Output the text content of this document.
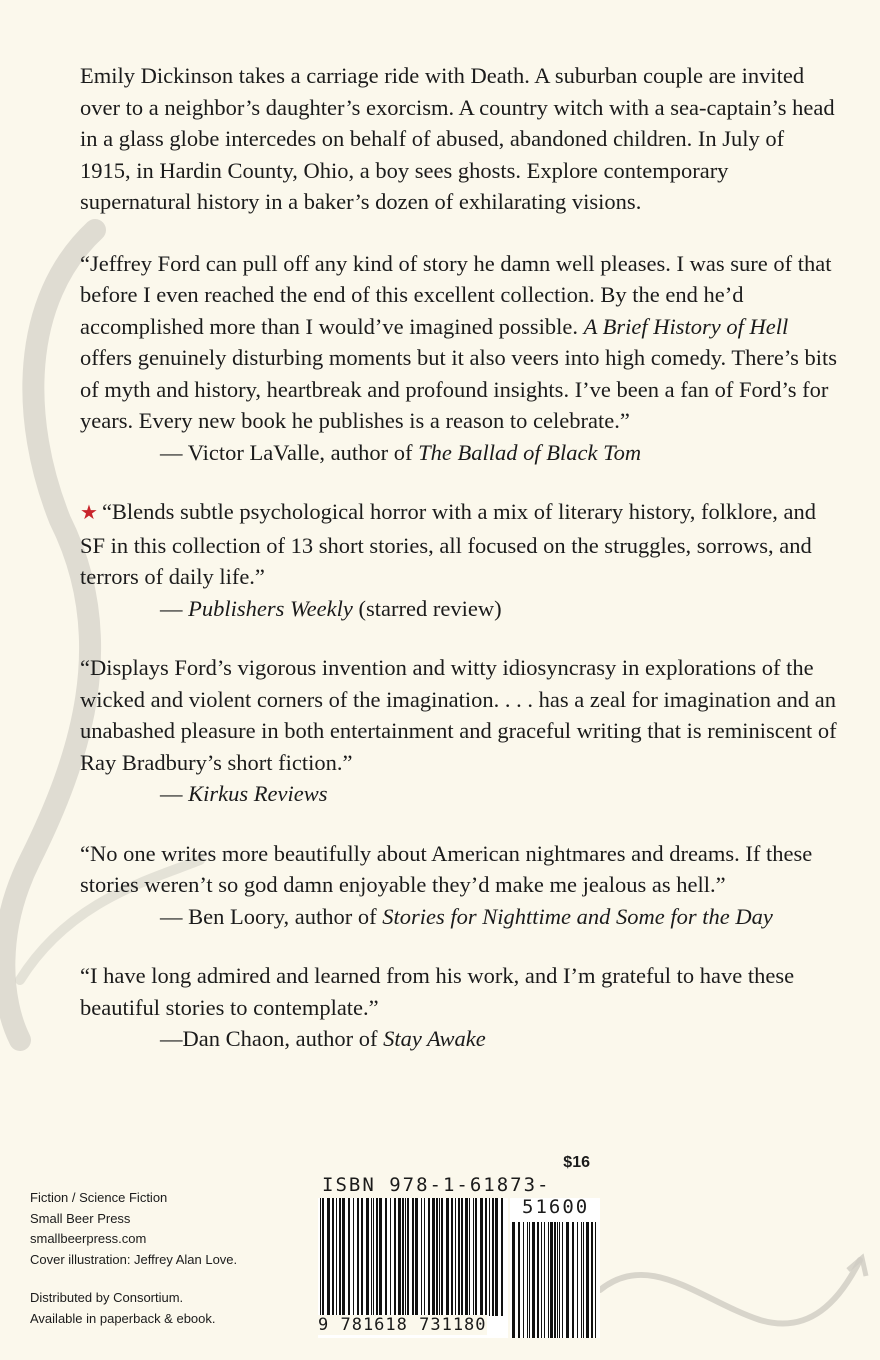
Emily Dickinson takes a carriage ride with Death. A suburban couple are invited over to a neighbor’s daughter’s exorcism. A country witch with a sea-captain’s head in a glass globe intercedes on behalf of abused, abandoned children. In July of 1915, in Hardin County, Ohio, a boy sees ghosts. Explore contemporary supernatural history in a baker’s dozen of exhilarating visions.

“Jeffrey Ford can pull off any kind of story he damn well pleases. I was sure of that before I even reached the end of this excellent collection. By the end he’d accomplished more than I would’ve imagined possible. A Brief History of Hell offers genuinely disturbing moments but it also veers into high comedy. There’s bits of myth and history, heartbreak and profound insights. I’ve been a fan of Ford’s for years. Every new book he publishes is a reason to celebrate.”

— Victor LaValle, author of The Ballad of Black Tom

★ “Blends subtle psychological horror with a mix of literary history, folklore, and SF in this collection of 13 short stories, all focused on the struggles, sorrows, and terrors of daily life.”

— Publishers Weekly (starred review)

“Displays Ford’s vigorous invention and witty idiosyncrasy in explorations of the wicked and violent corners of the imagination. . . . has a zeal for imagination and an unabashed pleasure in both entertainment and graceful writing that is reminiscent of Ray Bradbury’s short fiction.”

— Kirkus Reviews

“No one writes more beautifully about American nightmares and dreams. If these stories weren’t so god damn enjoyable they’d make me jealous as hell.”

— Ben Loory, author of Stories for Nighttime and Some for the Day

“I have long admired and learned from his work, and I’m grateful to have these beautiful stories to contemplate.”

—Dan Chaon, author of Stay Awake

Fiction / Science Fiction
Small Beer Press
smallbeerpress.com
Cover illustration: Jeffrey Alan Love.
Distributed by Consortium.
Available in paperback & ebook.
$16
ISBN 978-1-61873-
51600
9 781618 731180
